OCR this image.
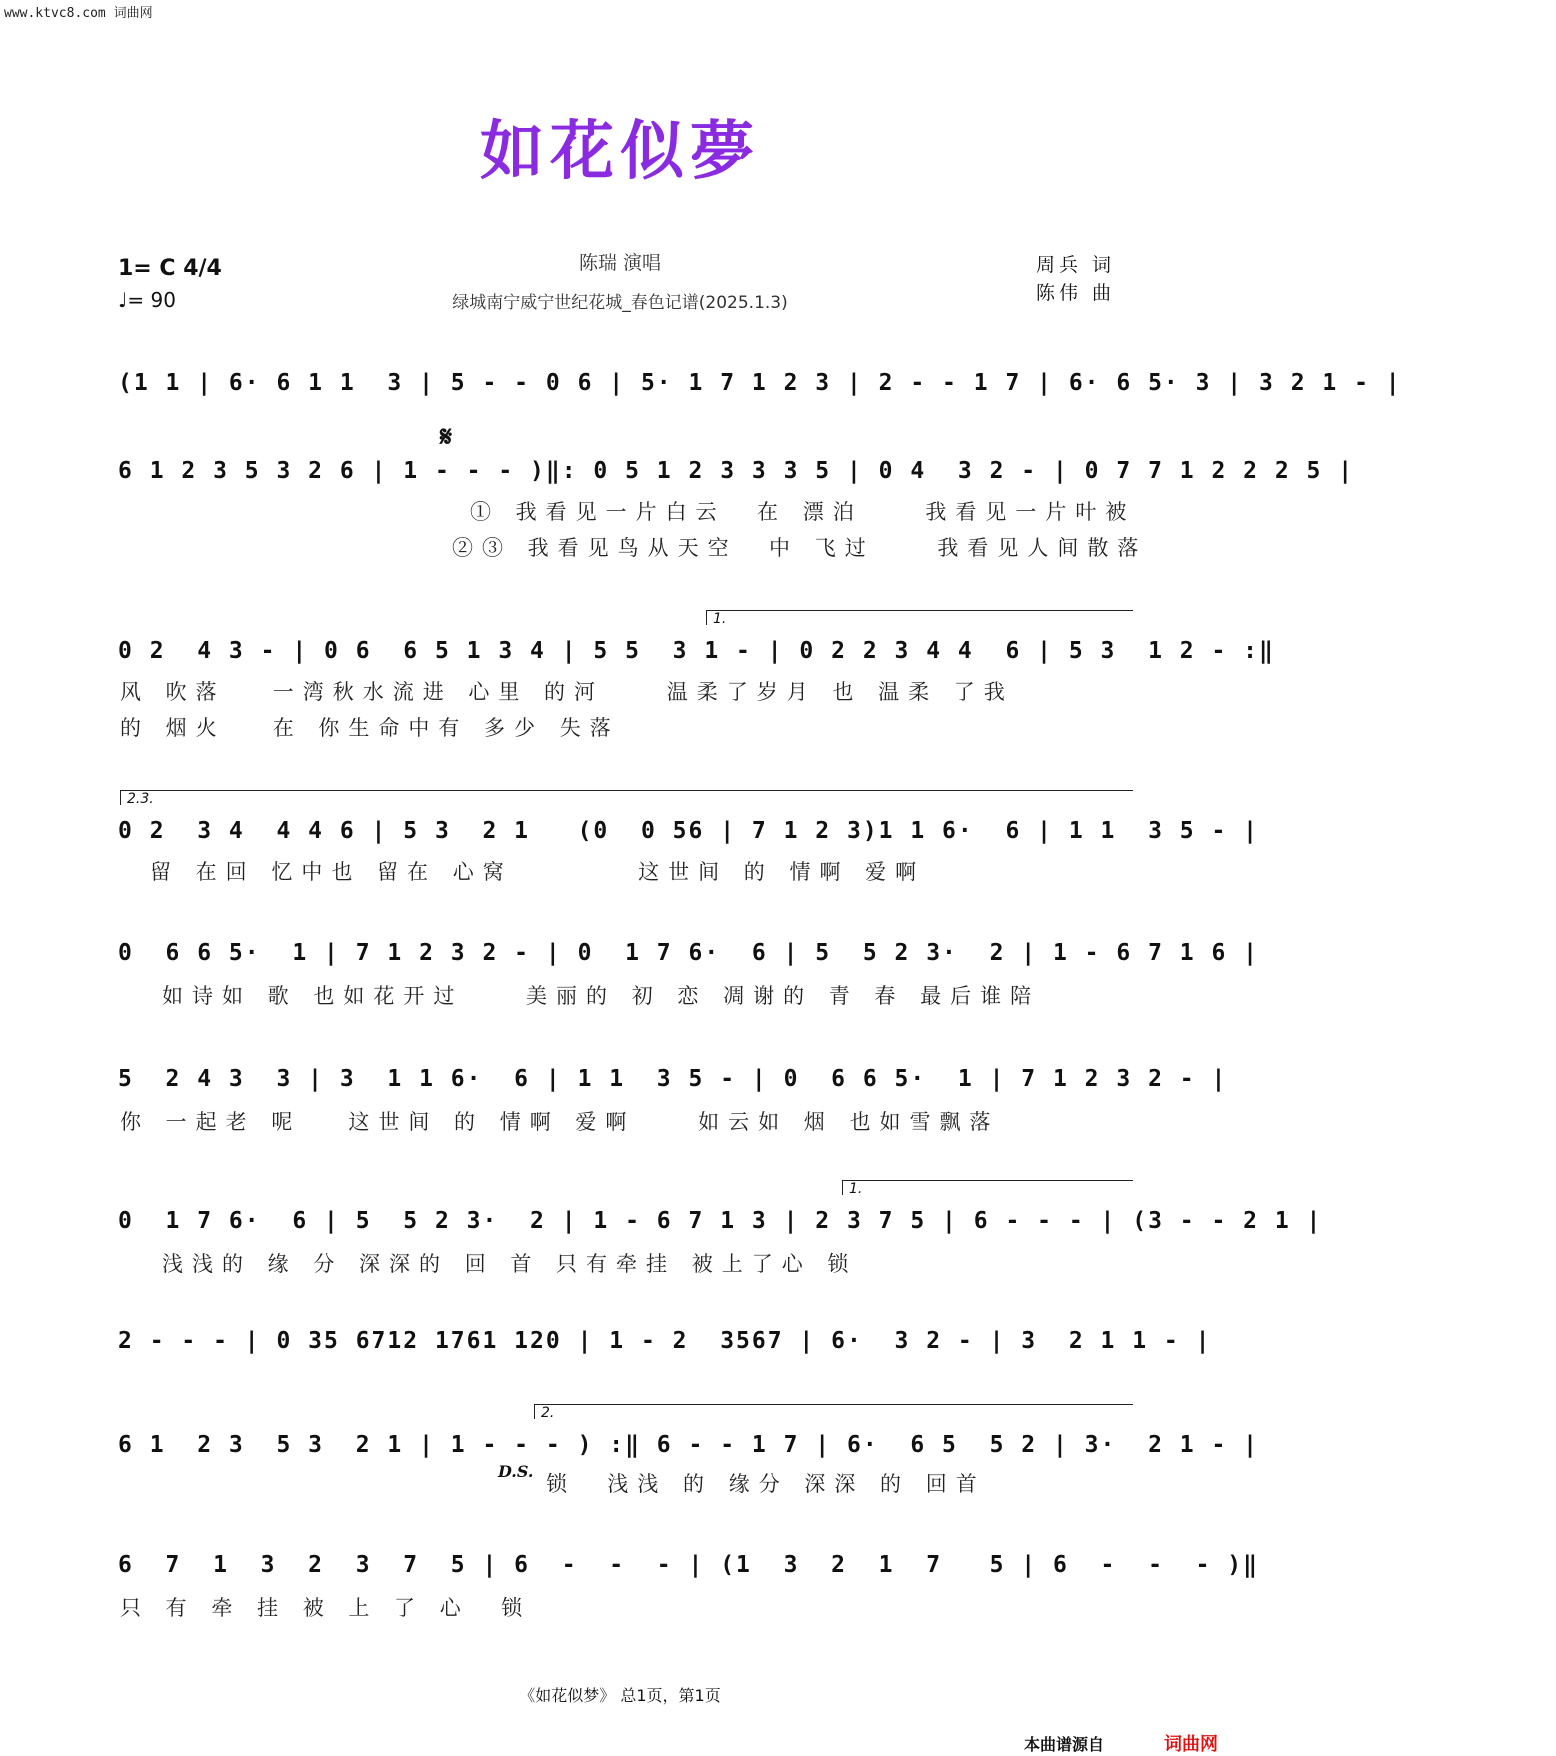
www.ktvc8.com 词曲网
如花似夢
1= C 4/4
♩= 90
陈瑞 演唱
绿城南宁威宁世纪花城_春色记谱(2025.1.3)
周兵 词
陈伟 曲
(1 1 | 6· 6 1 1  3 | 5 - - 0 6 | 5· 1 7 1 2 3 | 2 - - 1 7 | 6· 6 5· 3 | 3 2 1 - |
𝄋
6 1 2 3 5 3 2 6 | 1 - - - )‖: 0 5 1 2 3 3 3 5 | 0 4  3 2 - | 0 7 7 1 2 2 2 5 |
① 我看见一片白云  在 漂泊    我看见一片叶被
②③ 我看见鸟从天空  中 飞过    我看见人间散落
1.
0 2  4 3 - | 0 6  6 5 1 3 4 | 5 5  3 1 - | 0 2 2 3 4 4  6 | 5 3  1 2 - :‖
风 吹落   一湾秋水流进 心里 的河    温柔了岁月 也 温柔 了我
的 烟火   在 你生命中有 多少 失落
2.3.
0 2  3 4  4 4 6 | 5 3  2 1   (0  0 56 | 7 1 2 3)1 1 6·  6 | 1 1  3 5 - |
留 在回 忆中也 留在 心窝        这世间 的 情啊 爱啊
0  6 6 5·  1 | 7 1 2 3 2 - | 0  1 7 6·  6 | 5  5 2 3·  2 | 1 - 6 7 1 6 |
如诗如 歌 也如花开过    美丽的 初 恋 凋谢的 青 春 最后谁陪
5  2 4 3  3 | 3  1 1 6·  6 | 1 1  3 5 - | 0  6 6 5·  1 | 7 1 2 3 2 - |
你 一起老 呢   这世间 的 情啊 爱啊    如云如 烟 也如雪飘落
1.
0  1 7 6·  6 | 5  5 2 3·  2 | 1 - 6 7 1 3 | 2 3 7 5 | 6 - - - | (3 - - 2 1 |
浅浅的 缘 分 深深的 回 首 只有牵挂 被上了心 锁
2 - - - | 0 35 6712 1761 120 | 1 - 2  3567 | 6·  3 2 - | 3  2 1 1 - |
2.
6 1  2 3  5 3  2 1 | 1 - - - ) :‖ 6 - - 1 7 | 6·  6 5  5 2 | 3·  2 1 - |
D.S.
锁  浅浅 的 缘分 深深 的 回首
6  7  1  3  2  3  7  5 | 6  -  -  - | (1  3  2  1  7   5 | 6  -  -  - )‖
只 有 牵 挂 被 上 了 心  锁
《如花似梦》 总1页，第1页
本曲谱源自	词曲网
